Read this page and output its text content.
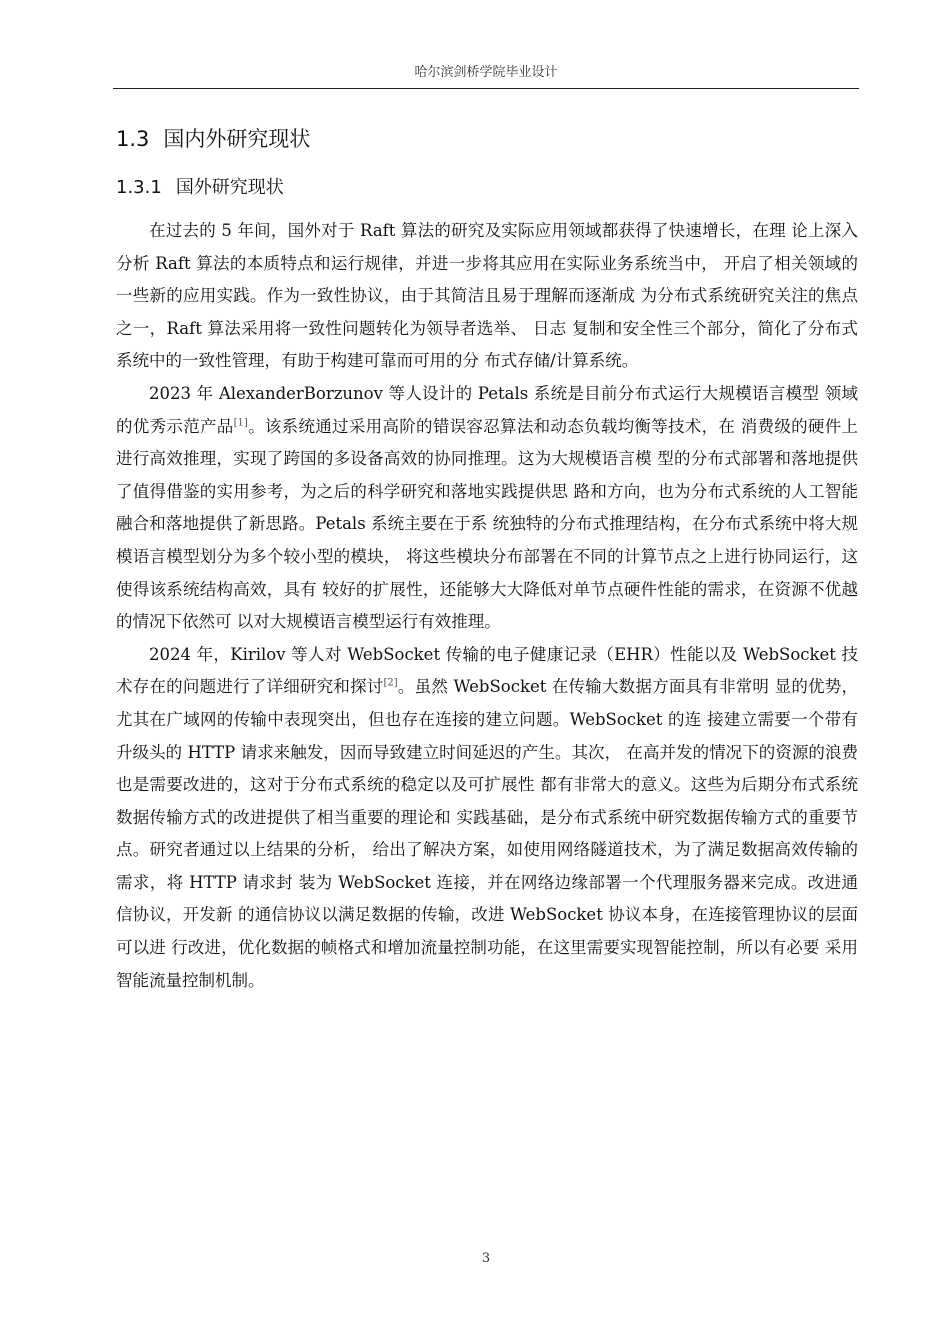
哈尔滨剑桥学院毕业设计
1.3 国内外研究现状
1.3.1 国外研究现状

在过去的 5 年间，国外对于 Raft 算法的研究及实际应用领域都获得了快速增长，在理 论上深入分析 Raft 算法的本质特点和运行规律，并进一步将其应用在实际业务系统当中， 开启了相关领域的一些新的应用实践。作为一致性协议，由于其简洁且易于理解而逐渐成 为分布式系统研究关注的焦点之一，Raft 算法采用将一致性问题转化为领导者选举、 日志 复制和安全性三个部分，简化了分布式系统中的一致性管理，有助于构建可靠而可用的分 布式存储/计算系统。

2023 年 AlexanderBorzunov 等人设计的 Petals 系统是目前分布式运行大规模语言模型 领域的优秀示范产品[1]。该系统通过采用高阶的错误容忍算法和动态负载均衡等技术，在 消费级的硬件上进行高效推理，实现了跨国的多设备高效的协同推理。这为大规模语言模 型的分布式部署和落地提供了值得借鉴的实用参考，为之后的科学研究和落地实践提供思 路和方向，也为分布式系统的人工智能融合和落地提供了新思路。Petals 系统主要在于系 统独特的分布式推理结构，在分布式系统中将大规模语言模型划分为多个较小型的模块， 将这些模块分布部署在不同的计算节点之上进行协同运行，这使得该系统结构高效，具有 较好的扩展性，还能够大大降低对单节点硬件性能的需求，在资源不优越的情况下依然可 以对大规模语言模型运行有效推理。

2024 年，Kirilov 等人对 WebSocket 传输的电子健康记录（EHR）性能以及 WebSocket 技术存在的问题进行了详细研究和探讨[2]。虽然 WebSocket 在传输大数据方面具有非常明 显的优势，尤其在广域网的传输中表现突出，但也存在连接的建立问题。WebSocket 的连 接建立需要一个带有升级头的 HTTP 请求来触发，因而导致建立时间延迟的产生。其次， 在高并发的情况下的资源的浪费也是需要改进的，这对于分布式系统的稳定以及可扩展性 都有非常大的意义。这些为后期分布式系统数据传输方式的改进提供了相当重要的理论和 实践基础，是分布式系统中研究数据传输方式的重要节点。研究者通过以上结果的分析， 给出了解决方案，如使用网络隧道技术，为了满足数据高效传输的需求，将 HTTP 请求封 装为 WebSocket 连接，并在网络边缘部署一个代理服务器来完成。改进通信协议，开发新 的通信协议以满足数据的传输，改进 WebSocket 协议本身，在连接管理协议的层面可以进 行改进，优化数据的帧格式和增加流量控制功能，在这里需要实现智能控制，所以有必要 采用智能流量控制机制。

3
